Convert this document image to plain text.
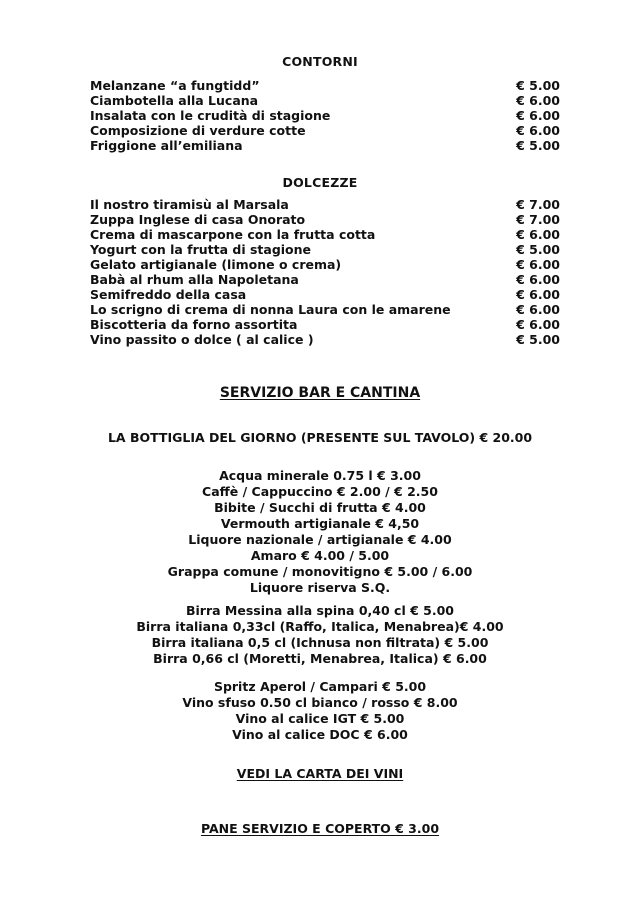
CONTORNI
Melanzane “a fungtidd”	€ 5.00
Ciambotella alla Lucana	€ 6.00
Insalata con le crudità di stagione	€ 6.00
Composizione di verdure cotte	€ 6.00
Friggione all’emiliana	€ 5.00
DOLCEZZE
Il nostro tiramisù al Marsala	€ 7.00
Zuppa Inglese di casa Onorato	€ 7.00
Crema di mascarpone con la frutta cotta	€ 6.00
Yogurt con la frutta di stagione	€ 5.00
Gelato artigianale (limone o crema)	€ 6.00
Babà al rhum alla Napoletana	€ 6.00
Semifreddo della casa	€ 6.00
Lo scrigno di crema di nonna Laura con le amarene	€ 6.00
Biscotteria da forno assortita	€ 6.00
Vino passito o dolce ( al calice )	€ 5.00
SERVIZIO BAR E CANTINA
LA BOTTIGLIA DEL GIORNO (PRESENTE SUL TAVOLO) € 20.00
Acqua minerale 0.75 l € 3.00
Caffè / Cappuccino € 2.00 / € 2.50
Bibite / Succhi di frutta € 4.00
Vermouth artigianale € 4,50
Liquore nazionale / artigianale € 4.00
Amaro € 4.00 / 5.00
Grappa comune / monovitigno € 5.00 / 6.00
Liquore riserva S.Q.
Birra Messina alla spina 0,40 cl € 5.00
Birra italiana 0,33cl (Raffo, Italica, Menabrea)€ 4.00
Birra italiana 0,5 cl (Ichnusa non filtrata) € 5.00
Birra 0,66 cl (Moretti, Menabrea, Italica) € 6.00
Spritz Aperol / Campari € 5.00
Vino sfuso 0.50 cl bianco / rosso € 8.00
Vino al calice IGT € 5.00
Vino al calice DOC € 6.00
VEDI LA CARTA DEI VINI
PANE SERVIZIO E COPERTO € 3.00
